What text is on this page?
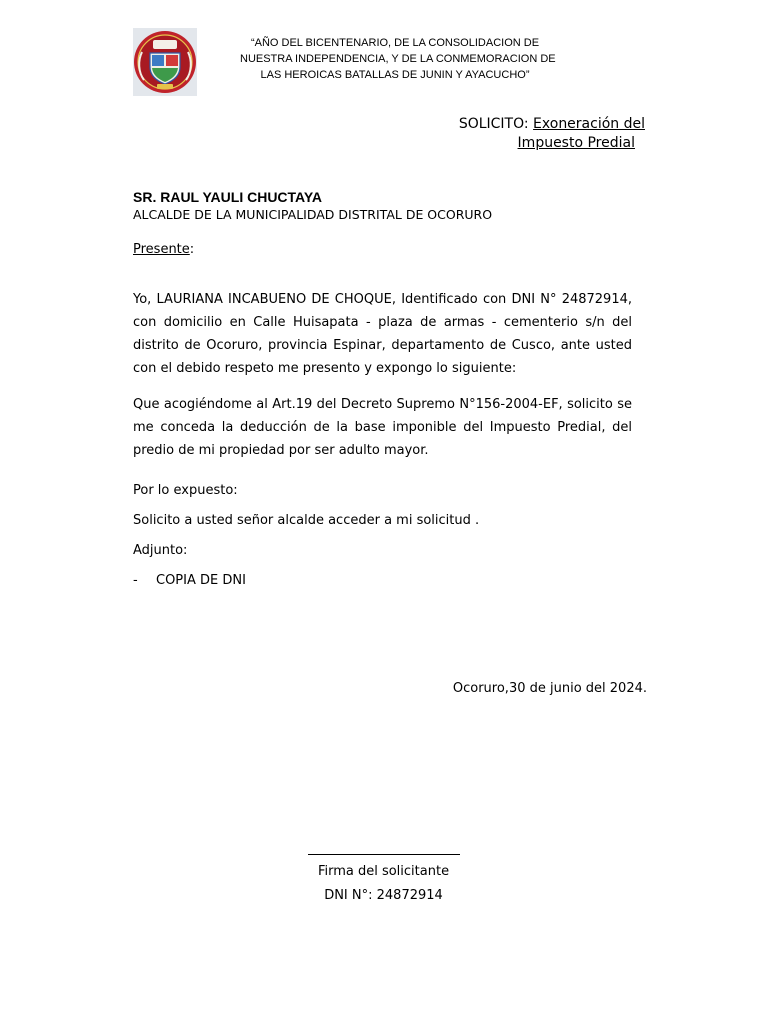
“AÑO DEL BICENTENARIO, DE LA CONSOLIDACION DE
NUESTRA INDEPENDENCIA, Y DE LA CONMEMORACION DE
LAS HEROICAS BATALLAS DE JUNIN Y AYACUCHO”
SOLICITO: Exoneración del
Impuesto Predial
SR. RAUL YAULI CHUCTAYA
ALCALDE DE LA MUNICIPALIDAD DISTRITAL DE OCORURO
Presente:

Yo, LAURIANA INCABUENO DE CHOQUE, Identificado con DNI N° 24872914, con domicilio en Calle Huisapata - plaza de armas - cementerio s/n del distrito de Ocoruro, provincia Espinar, departamento de Cusco, ante usted con el debido respeto me presento y expongo lo siguiente:

Que acogiéndome al Art.19 del Decreto Supremo N°156-2004-EF, solicito se me conceda la deducción de la base imponible del Impuesto Predial, del predio de mi propiedad por ser adulto mayor.

Por lo expuesto:
Solicito a usted señor alcalde acceder a mi solicitud .
Adjunto:
- COPIA DE DNI
Ocoruro,30 de junio del 2024.
Firma del solicitante
DNI N°: 24872914
